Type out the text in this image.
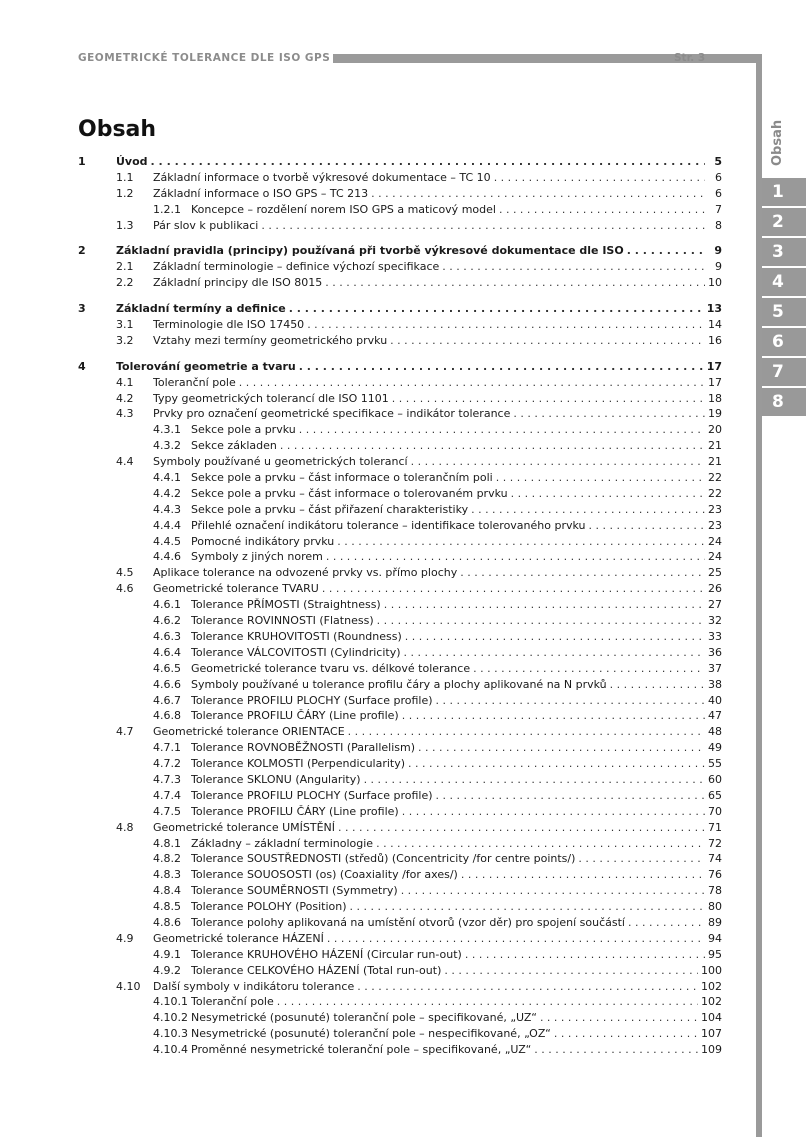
GEOMETRICKÉ TOLERANCE DLE ISO GPS	Str. 3
Obsah
1
2
3
4
5
6
7
8
Obsah
1	Úvod . . .	5
1.1 Základní informace o tvorbě výkresové dokumentace – TC 10 . . .	6
1.2 Základní informace o ISO GPS – TC 213 . . .	6
1.2.1 Koncepce – rozdělení norem ISO GPS a maticový model . . .	7
1.3 Pár slov k publikaci . . .	8
2	Základní pravidla (principy) používaná při tvorbě výkresové dokumentace dle ISO . . .	9
2.1 Základní terminologie – definice výchozí specifikace . . .	9
2.2 Základní principy dle ISO 8015 . . .	10
3	Základní termíny a definice . . .	13
3.1 Terminologie dle ISO 17450 . . .	14
3.2 Vztahy mezi termíny geometrického prvku . . .	16
4	Tolerování geometrie a tvaru . . .	17
4.1 Toleranční pole . . .	17
4.2 Typy geometrických tolerancí dle ISO 1101 . . .	18
4.3 Prvky pro označení geometrické specifikace – indikátor tolerance . . .	19
4.3.1 Sekce pole a prvku . . .	20
4.3.2 Sekce základen . . .	21
4.4 Symboly používané u geometrických tolerancí . . .	21
4.4.1 Sekce pole a prvku – část informace o tolerančním poli . . .	22
4.4.2 Sekce pole a prvku – část informace o tolerovaném prvku . . .	22
4.4.3 Sekce pole a prvku – část přiřazení charakteristiky . . .	23
4.4.4 Přilehlé označení indikátoru tolerance – identifikace tolerovaného prvku . . .	23
4.4.5 Pomocné indikátory prvku . . .	24
4.4.6 Symboly z jiných norem . . .	24
4.5 Aplikace tolerance na odvozené prvky vs. přímo plochy . . .	25
4.6 Geometrické tolerance TVARU . . .	26
4.6.1 Tolerance PŘÍMOSTI (Straightness) . . .	27
4.6.2 Tolerance ROVINNOSTI (Flatness) . . .	32
4.6.3 Tolerance KRUHOVITOSTI (Roundness) . . .	33
4.6.4 Tolerance VÁLCOVITOSTI (Cylindricity) . . .	36
4.6.5 Geometrické tolerance tvaru vs. délkové tolerance . . .	37
4.6.6 Symboly používané u tolerance profilu čáry a plochy aplikované na N prvků . . .	38
4.6.7 Tolerance PROFILU PLOCHY (Surface profile) . . .	40
4.6.8 Tolerance PROFILU ČÁRY (Line profile) . . .	47
4.7 Geometrické tolerance ORIENTACE . . .	48
4.7.1 Tolerance ROVNOBĚŽNOSTI (Parallelism) . . .	49
4.7.2 Tolerance KOLMOSTI (Perpendicularity) . . .	55
4.7.3 Tolerance SKLONU (Angularity) . . .	60
4.7.4 Tolerance PROFILU PLOCHY (Surface profile) . . .	65
4.7.5 Tolerance PROFILU ČÁRY (Line profile) . . .	70
4.8 Geometrické tolerance UMÍSTĚNÍ . . .	71
4.8.1 Základny – základní terminologie . . .	72
4.8.2 Tolerance SOUSTŘEDNOSTI (středů) (Concentricity /for centre points/) . . .	74
4.8.3 Tolerance SOUOSOSTI (os) (Coaxiality /for axes/) . . .	76
4.8.4 Tolerance SOUMĚRNOSTI (Symmetry) . . .	78
4.8.5 Tolerance POLOHY (Position) . . .	80
4.8.6 Tolerance polohy aplikovaná na umístění otvorů (vzor děr) pro spojení součástí . . .	89
4.9 Geometrické tolerance HÁZENÍ . . .	94
4.9.1 Tolerance KRUHOVÉHO HÁZENÍ (Circular run-out) . . .	95
4.9.2 Tolerance CELKOVÉHO HÁZENÍ (Total run-out) . . .	100
4.10 Další symboly v indikátoru tolerance . . .	102
4.10.1 Toleranční pole . . .	102
4.10.2 Nesymetrické (posunuté) toleranční pole – specifikované, „UZ“ . . .	104
4.10.3 Nesymetrické (posunuté) toleranční pole – nespecifikované, „OZ“ . . .	107
4.10.4 Proměnné nesymetrické toleranční pole – specifikované, „UZ“ . . .	109
